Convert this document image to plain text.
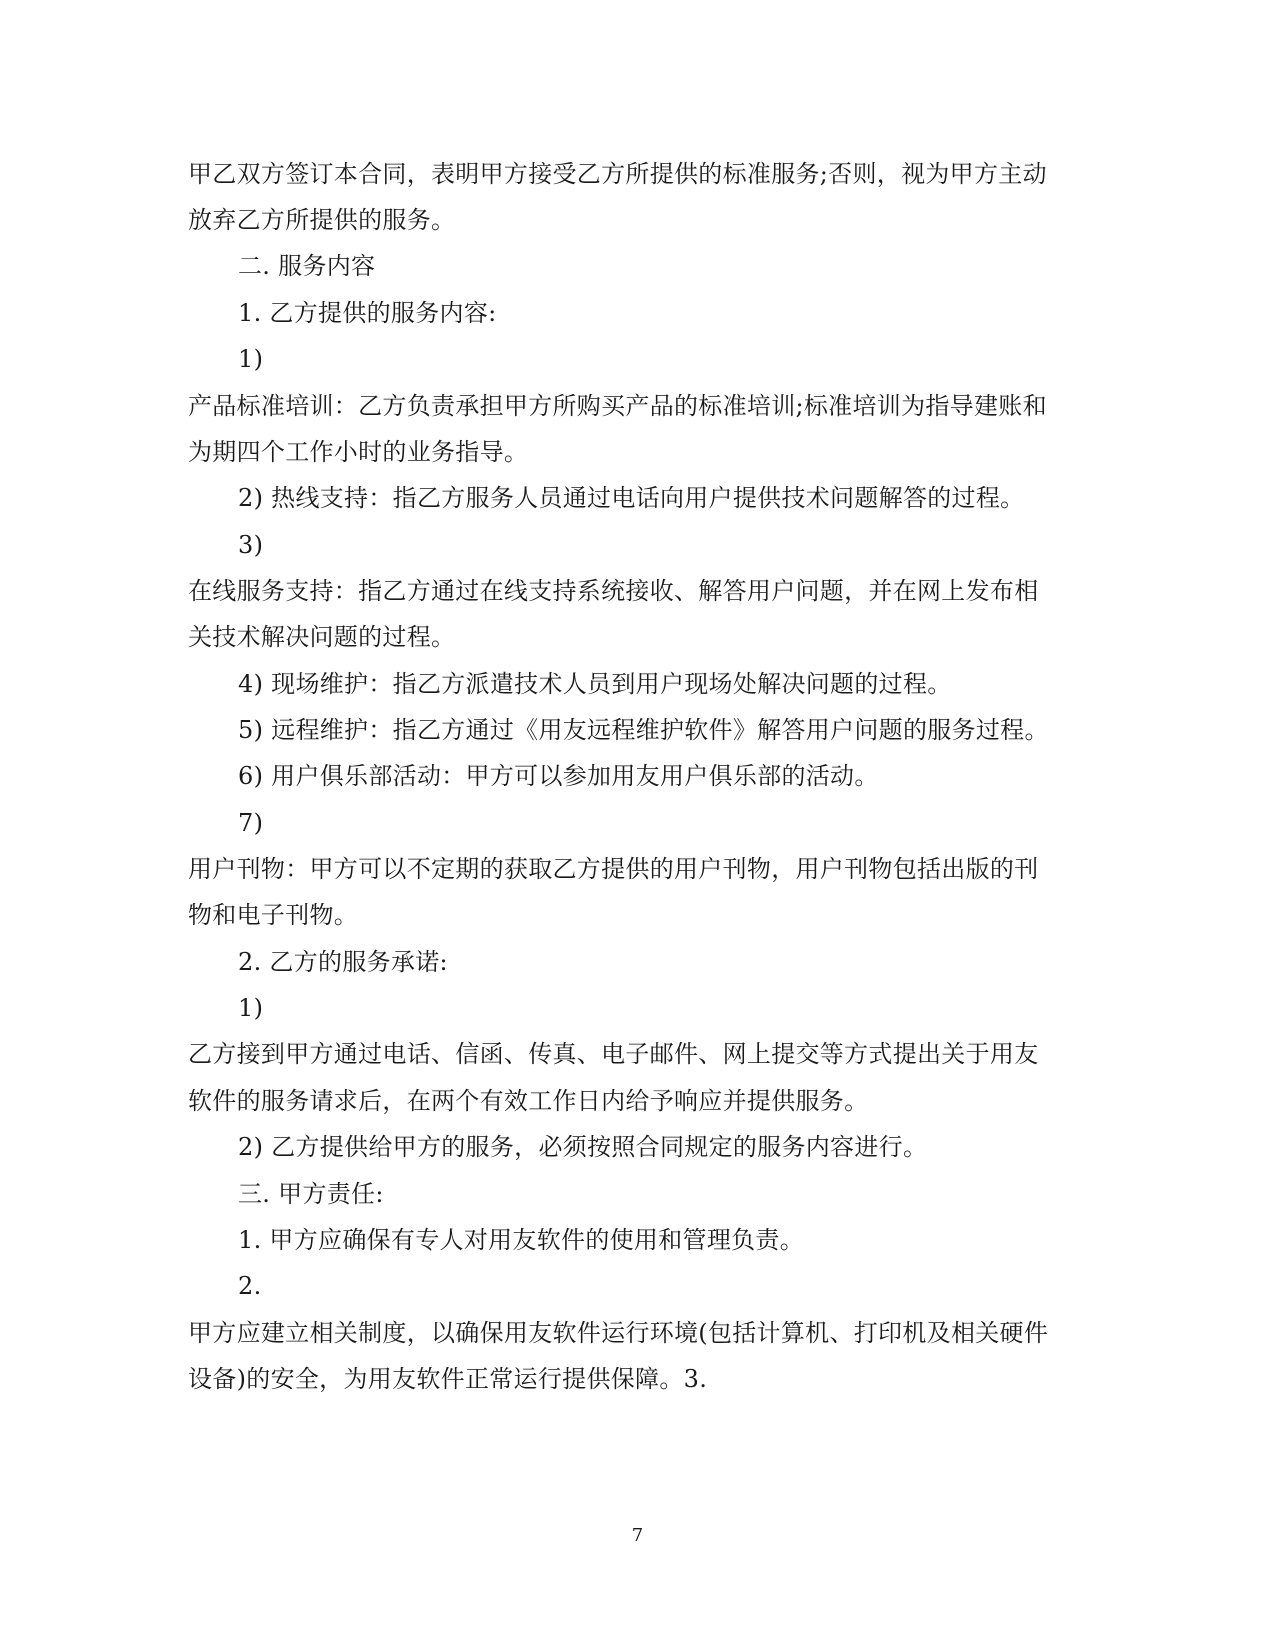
甲乙双方签订本合同，表明甲方接受乙方所提供的标准服务;否则，视为甲方主动
放弃乙方所提供的服务。
二. 服务内容
1. 乙方提供的服务内容:
1)
产品标准培训：乙方负责承担甲方所购买产品的标准培训;标准培训为指导建账和
为期四个工作小时的业务指导。
2) 热线支持：指乙方服务人员通过电话向用户提供技术问题解答的过程。
3)
在线服务支持：指乙方通过在线支持系统接收、解答用户问题，并在网上发布相
关技术解决问题的过程。
4) 现场维护：指乙方派遣技术人员到用户现场处解决问题的过程。
5) 远程维护：指乙方通过《用友远程维护软件》解答用户问题的服务过程。
6) 用户俱乐部活动：甲方可以参加用友用户俱乐部的活动。
7)
用户刊物：甲方可以不定期的获取乙方提供的用户刊物，用户刊物包括出版的刊
物和电子刊物。
2. 乙方的服务承诺:
1)
乙方接到甲方通过电话、信函、传真、电子邮件、网上提交等方式提出关于用友
软件的服务请求后，在两个有效工作日内给予响应并提供服务。
2) 乙方提供给甲方的服务，必须按照合同规定的服务内容进行。
三. 甲方责任:
1. 甲方应确保有专人对用友软件的使用和管理负责。
2.
甲方应建立相关制度，以确保用友软件运行环境(包括计算机、打印机及相关硬件
设备)的安全，为用友软件正常运行提供保障。3.
7
